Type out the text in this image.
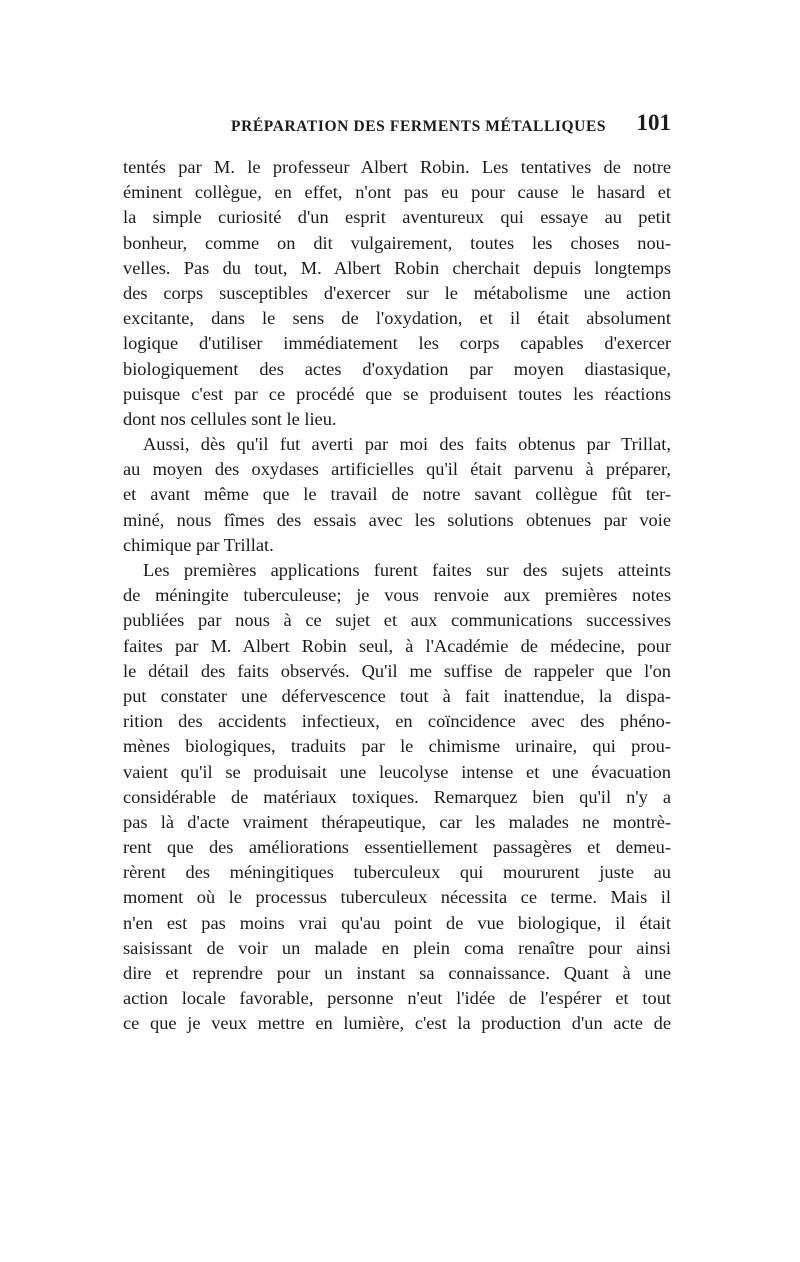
PRÉPARATION DES FERMENTS MÉTALLIQUES 101
tentés par M. le professeur Albert Robin. Les tentatives de notre
éminent collègue, en effet, n'ont pas eu pour cause le hasard et
la simple curiosité d'un esprit aventureux qui essaye au petit
bonheur, comme on dit vulgairement, toutes les choses nou-
velles. Pas du tout, M. Albert Robin cherchait depuis longtemps
des corps susceptibles d'exercer sur le métabolisme une action
excitante, dans le sens de l'oxydation, et il était absolument
logique d'utiliser immédiatement les corps capables d'exercer
biologiquement des actes d'oxydation par moyen diastasique,
puisque c'est par ce procédé que se produisent toutes les réactions
dont nos cellules sont le lieu.
Aussi, dès qu'il fut averti par moi des faits obtenus par Trillat,
au moyen des oxydases artificielles qu'il était parvenu à préparer,
et avant même que le travail de notre savant collègue fût ter-
miné, nous fîmes des essais avec les solutions obtenues par voie
chimique par Trillat.
Les premières applications furent faites sur des sujets atteints
de méningite tuberculeuse; je vous renvoie aux premières notes
publiées par nous à ce sujet et aux communications successives
faites par M. Albert Robin seul, à l'Académie de médecine, pour
le détail des faits observés. Qu'il me suffise de rappeler que l'on
put constater une défervescence tout à fait inattendue, la dispa-
rition des accidents infectieux, en coïncidence avec des phéno-
mènes biologiques, traduits par le chimisme urinaire, qui prou-
vaient qu'il se produisait une leucolyse intense et une évacuation
considérable de matériaux toxiques. Remarquez bien qu'il n'y a
pas là d'acte vraiment thérapeutique, car les malades ne montrè-
rent que des améliorations essentiellement passagères et demeu-
rèrent des méningitiques tuberculeux qui moururent juste au
moment où le processus tuberculeux nécessita ce terme. Mais il
n'en est pas moins vrai qu'au point de vue biologique, il était
saisissant de voir un malade en plein coma renaître pour ainsi
dire et reprendre pour un instant sa connaissance. Quant à une
action locale favorable, personne n'eut l'idée de l'espérer et tout
ce que je veux mettre en lumière, c'est la production d'un acte de
